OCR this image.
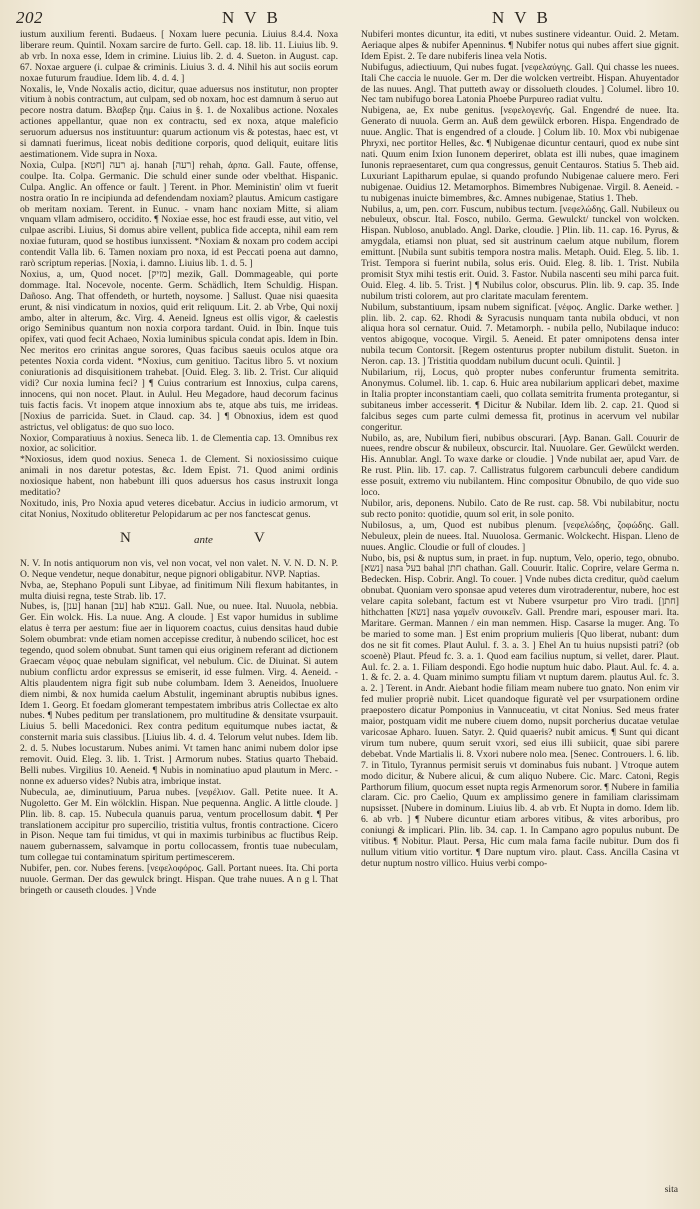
202	N V B	N V B

iustum auxilium ferenti. Budaeus. [ Noxam luere pecunia. Liuius 8.4.4. Noxa liberare reum. Quintil. Noxam sarcire de furto. Gell. cap. 18. lib. 11. Liuius lib. 9. ab vrb. In noxa esse, Idem in crimine. Liuius lib. 2. d. 4. Sueton. in August. cap. 67. Noxae arguere (i. culpae & criminis. Liuius 3. d. 4. Nihil his aut sociis eorum noxae futurum fraudiue. Idem lib. 4. d. 4. ]

Noxalis, le, Vnde Noxalis actio, dicitur, quae aduersus nos institutur, non propter vitium à nobis contractum, aut culpam, sed ob noxam, hoc est damnum à seruo aut pecore nostra datum. Βλαβερ ζημ. Caius in §. 1. de Noxalibus actione. Noxales actiones appellantur, quae non ex contractu, sed ex noxa, atque maleficio seruorum aduersus nos instituuntur: quarum actionum vis & potestas, haec est, vt si damnati fuerimus, liceat nobis deditione corporis, quod deliquit, euitare litis aestimationem. Vide supra in Noxa.

Noxia, Culpa. [חטא] רעה aj. hanah [רעה] rehah, ἁρπα. Gall. Faute, offense, coulpe. Ita. Colpa. Germanic. Die schuld einer sunde oder vbelthat. Hispanic. Culpa. Anglic. An offence or fault. ] Terent. in Phor. Meministin' olim vt fuerit nostra oratio In re incipiunda ad defendendam noxiam? plautus. Amicum castigare ob meritam noxiam. Terent. in Eunuc. - vnam hanc noxiam Mitte, si aliam vnquam vllam admisero, occidito. ¶ Noxiae esse, hoc est fraudi esse, aut vitio, vel culpae ascribi. Liuius, Si domus abire vellent, publica fide accepta, nihil eam rem noxiae futuram, quod se hostibus iunxissent. *Noxiam & noxam pro codem accipi contendit Valla lib. 6. Tamen noxiam pro noxa, id est Peccati poena aut damno, rarò scriptum reperias. [Noxia, i. damno. Liuius lib. 1. d. 5. ]

Noxius, a, um, Quod nocet. [מזיק] mezik, Gall. Dommageable, qui porte dommage. Ital. Nocevole, nocente. Germ. Schädlich, Item Schuldig. Hispan. Dañoso. Ang. That offendeth, or hurteth, noysome. ] Sallust. Quae nisi quaesita erunt, & nisi vindicatum in noxios, quid erit reliquum. Lit. 2. ab Vrbe, Qui noxij ambo, alter in alterum, &c. Virg. 4. Aeneid. Igneus est ollis vigor, & caelestis origo Seminibus quantum non noxia corpora tardant. Ouid. in Ibin. Inque tuis opifex, vati quod fecit Achaeo, Noxia luminibus spicula condat apis. Idem in Ibin. Nec meritos ero crinitas angue sorores, Quas facibus saeuis oculos atque ora petentes Noxia corda vident. *Noxius, cum genitiuo. Tacitus libro 5. vt noxium coniurationis ad disquisitionem trahebat. [Ouid. Eleg. 3. lib. 2. Trist. Cur aliquid vidi? Cur noxia lumina feci? ] ¶ Cuius contrarium est Innoxius, culpa carens, innocens, qui non nocet. Plaut. in Aulul. Heu Megadore, haud decorum facinus tuis factis facis. Vt inopem atque innoxium abs te, atque abs tuis, me irrideas. [Noxius de parricida. Suet. in Claud. cap. 34. ] ¶ Obnoxius, idem est quod astrictus, vel obligatus: de quo suo loco.

Noxior, Comparatiuus à noxius. Seneca lib. 1. de Clementia cap. 13. Omnibus rex noxior, ac solicitior.

*Noxiosus, idem quod noxius. Seneca 1. de Clement. Si noxiosissimo cuique animali in nos daretur potestas, &c. Idem Epist. 71. Quod animi ordinis noxiosique habent, non habebunt illi quos aduersus hos casus instruxit longa meditatio?

Noxitudo, inis, Pro Noxia apud veteres dicebatur. Accius in iudicio armorum, vt citat Nonius, Noxitudo obliteretur Pelopidarum ac per nos fanctescat genus.

N	ante	V

N. V. In notis antiquorum non vis, vel non vocat, vel non valet. N. V. N. D. N. P. O. Neque vendetur, neque donabitur, neque pignori obligabitur. NVP. Naptias.

Nvba, ae, Stephano Populi sunt Libyae, ad finitimum Nili flexum habitantes, in multa diuisi regna, teste Strab. lib. 17.

Nubes, is, [ענן] hanan [עב] hab נעבא. Gall. Nue, ou nuee. Ital. Nuuola, nebbia. Ger. Ein wolck. His. La nuue. Ang. A cloude. ] Est vapor humidus in sublime elatus è terra per aestum: fiue aer in liquorem coactus, cuius densitas haud dubie Solem obumbrat: vnde etiam nomen accepisse creditur, à nubendo scilicet, hoc est tegendo, quod solem obnubat. Sunt tamen qui eius originem referant ad dictionem Graecam νέφος quae nebulam significat, vel nebulum. Cic. de Diuinat. Si autem nubium conflictu ardor expressus se emiserit, id esse fulmen. Virg. 4. Aeneid. - Altis plaudentem nigra figit sub nube columbam. Idem 3. Aeneidos, Inuoluere diem nimbi, & nox humida caelum Abstulit, ingeminant abruptis nubibus ignes. Idem 1. Georg. Et foedam glomerant tempestatem imbribus atris Collectae ex alto nubes. ¶ Nubes peditum per translationem, pro multitudine & densitate vsurpauit. Liuius 5. belli Macedonici. Rex contra peditum equitumque nubes iactat, & consternit maria suis classibus. [Liuius lib. 4. d. 4. Telorum velut nubes. Idem lib. 2. d. 5. Nubes locustarum. Nubes animi. Vt tamen hanc animi nubem dolor ipse removit. Ouid. Eleg. 3. lib. 1. Trist. ] Armorum nubes. Statius quarto Thebaid. Belli nubes. Virgilius 10. Aeneid. ¶ Nubis in nominatiuo apud plautum in Merc. - nonne ex aduerso vides? Nubis atra, imbrique instat.

Nubecula, ae, diminutiuum, Parua nubes. [νεφέλιον. Gall. Petite nuee. It A. Nugoletto. Ger M. Ein wölcklin. Hispan. Nue pequenna. Anglic. A little cloude. ] Plin. lib. 8. cap. 15. Nubecula quanuis parua, ventum procellosum dabit. ¶ Per translationem accipitur pro supercilio, tristitia vultus, frontis contractione. Cicero in Pison. Neque tam fui timidus, vt qui in maximis turbinibus ac fluctibus Reip. nauem gubernassem, salvamque in portu collocassem, frontis tuae nubeculam, tum collegae tui contaminatum spiritum pertimescerem.

Nubifer, pen. cor. Nubes ferens. [νεφελοφόρος. Gall. Portant nuees. Ita. Chi porta nuuole. German. Der das gewulck bringt. Hispan. Que trahe nuues. A n g l. That bringeth or causeth cloudes. ] Vnde

Nubiferi montes dicuntur, ita editi, vt nubes sustinere videantur. Ouid. 2. Metam. Aeriaque alpes & nubifer Apenninus. ¶ Nubifer notus qui nubes affert siue gignit. Idem Epist. 2. Te dare nubiferis linea vela Notis.

Nubifugus, adiectiuum, Qui nubes fugat. [νεφελαύγης. Gall. Qui chasse les nuees. Itali Che caccia le nuuole. Ger m. Der die wolcken vertreibt. Hispan. Ahuyentador de las nuues. Angl. That putteth away or dissolueth cloudes. ] Columel. libro 10. Nec tam nubifugo borea Latonia Phoebe Purpureo radiat vultu.

Nubigena, ae, Ex nube genitus. [νεφελογενής. Gal. Engendré de nuee. Ita. Generato di nuuola. Germ an. Auß dem gewülck erboren. Hispa. Engendrado de nuue. Anglic. That is engendred of a cloude. ] Colum lib. 10. Mox vbi nubigenae Phryxi, nec portitor Helles, &c. ¶ Nubigenae dicuntur centauri, quod ex nube sint nati. Quum enim Ixion Iunonem deperiret, oblata est illi nubes, quae imaginem Iunonis repraesentaret, cum qua congressus, genuit Centauros. Statius 5. Theb aid. Luxuriant Lapitharum epulae, si quando profundo Nubigenae caluere mero. Feri nubigenae. Ouidius 12. Metamorphos. Bimembres Nubigenae. Virgil. 8. Aeneid. - tu nubigenas inuicte bimembres, &c. Amnes nubigenae, Statius 1. Theb.

Nubilus, a, um, pen. corr. Fuscum, nubibus tectum. [νεφελώδης. Gall. Nubileux ou nebuleux, obscur. Ital. Fosco, nubilo. Germa. Gewulckt/ tunckel von wolcken. Hispan. Nubloso, anublado. Angl. Darke, cloudie. ] Plin. lib. 11. cap. 16. Pyrus, & amygdala, etiamsi non pluat, sed sit austrinum caelum atque nubilum, florem emittunt. [Nubila sunt subitis tempora nostra malis. Metaph. Ouid. Eleg. 5. lib. 1. Trist. Tempora si fuerint nubila, solus eris. Ouid. Eleg. 8. lib. 1. Trist. Nubila promisit Styx mihi testis erit. Ouid. 3. Fastor. Nubila nascenti seu mihi parca fuit. Ouid. Eleg. 4. lib. 5. Trist. ] ¶ Nubilus color, obscurus. Plin. lib. 9. cap. 35. Inde nubilum tristi colorem, aut pro claritate maculam ferentem.

Nubilum, substantiuum, ipsam nubem significat. [νέφος. Anglic. Darke wether. ] plin. lib. 2. cap. 62. Rhodi & Syracusis nunquam tanta nubila obduci, vt non aliqua hora sol cernatur. Ouid. 7. Metamorph. - nubila pello, Nubilaque induco: ventos abigoque, vocoque. Virgil. 5. Aeneid. Et pater omnipotens densa inter nubila tecum Contorsit. [Regem ostenturus propter nubilum distulit. Sueton. in Neron. cap. 13. ] Tristitia quoddam nubilum ducunt oculi. Quintil. ]

Nubilarium, rij, Locus, quò propter nubes conferuntur frumenta semitrita. Anonymus. Columel. lib. 1. cap. 6. Huic area nubilarium applicari debet, maxime in Italia propter inconstantiam caeli, quo collata semitrita frumenta protegantur, si subitaneus imber accesserit. ¶ Dicitur & Nubilar. Idem lib. 2. cap. 21. Quod si falcibus seges cum parte culmi demessa fit, protinus in acervum vel nubilar congeritur.

Nubilo, as, are, Nubilum fieri, nubibus obscurari. [Ayp. Banan. Gall. Couurir de nuees, rendre obscur & nubileux, obscurcir. Ital. Nuuolare. Ger. Gewülckt werden. His. Annublar. Angl. To waxe darke or cloudie. ] Vnde nubilat aer, apud Varr. de Re rust. Plin. lib. 17. cap. 7. Callistratus fulgorem carbunculi debere candidum esse posuit, extremo viu nubilantem. Hinc compositur Obnubilo, de quo vide suo loco.

Nubilor, aris, deponens. Nubilo. Cato de Re rust. cap. 58. Vbi nubilabitur, noctu sub recto ponito: quotidie, quum sol erit, in sole ponito.

Nubilosus, a, um, Quod est nubibus plenum. [νεφελώδης, ζοφώδης. Gall. Nebuleux, plein de nuees. Ital. Nuuolosa. Germanic. Wolckecht. Hispan. Lleno de nuues. Anglic. Cloudie or full of cloudes. ]

Nubo, bis, psi & nuptus sum, in praet. in fup. nuptum, Velo, operio, tego, obnubo. [נשא] nasa בעל bahal חתן chathan. Gall. Couurir. Italic. Coprire, velare Germa n. Bedecken. Hisp. Cobrir. Angl. To couer. ] Vnde nubes dicta creditur, quòd caelum obnubat. Quoniam vero sponsae apud veteres dum virotraderentur, nubere, hoc est velare capita solebant, factum est vt Nubere vsurpetur pro Viro tradi. [חתן] hithchatten [נשא] nasa γαμεῖν συνοικεῖν. Gall. Prendre mari, espouser mari. Ita. Maritare. German. Mannen / ein man nemmen. Hisp. Casarse la muger. Ang. To be maried to some man. ] Est enim proprium mulieris [Quo liberat, nubant: dum dos ne sit fit comes. Plaut Aulul. f. 3. a. 3. ] Ehel An tu huius nupsisti patri? (ob scoenè) Plaut. Pfeud fc. 3. a. 1. Quod eam facilius nuptum, si vellet, darer. Plaut. Aul. fc. 2. a. 1. Filiam despondi. Ego hodie nuptum huic dabo. Plaut. Aul. fc. 4. a. 1. & fc. 2. a. 4. Quam minimo sumptu filiam vt nuptum darem. plautus Aul. fc. 3. a. 2. ] Terent. in Andr. Aiebant hodie filiam meam nubere tuo gnato. Non enim vir fed mulier propriè nubit. Licet quandoque figuratè vel per vsurpationem ordine praepostero dicatur Pomponius in Vannuceatiu, vt citat Nonius. Sed meus frater maior, postquam vidit me nubere ciuem domo, nupsit porcherius ducatae vetulae varicosae Apharo. Iuuen. Satyr. 2. Quid quaeris? nubit amicus. ¶ Sunt qui dicant virum tum nubere, quum seruit vxori, sed eius illi subiicit, quae sibi parere debebat. Vnde Martialis li. 8. Vxori nubere nolo mea. [Senec. Controuers. l. 6. lib. 7. in Titulo, Tyrannus permisit seruis vt dominabus fuis nubant. ] Vtroque autem modo dicitur, & Nubere alicui, & cum aliquo Nubere. Cic. Marc. Catoni, Regis Parthorum filium, quocum esset nupta regis Armenorum soror. ¶ Nubere in familia claram. Cic. pro Caelio, Quum ex amplissimo genere in familiam clarissimam nupsisset. [Nubere in dominum. Liuius lib. 4. ab vrb. Et Nupta in domo. Idem lib. 6. ab vrb. ] ¶ Nubere dicuntur etiam arbores vitibus, & vites arboribus, pro coniungi & implicari. Plin. lib. 34. cap. 1. In Campano agro populus nubunt. De vitibus. ¶ Nobitur. Plaut. Persa, Hic cum mala fama facile nubitur. Dum dos fi nullum vitium vitio vortitur. ¶ Dare nuptum viro. plaut. Cass. Ancilla Casina vt detur nuptum nostro villico. Huius verbi compo-

sita
